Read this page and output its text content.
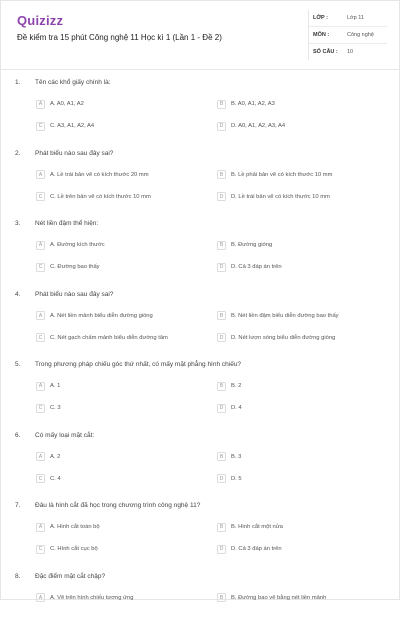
Quizizz
Đề kiểm tra 15 phút Công nghệ 11 Học kì 1 (Lần 1 - Đề 2)
LỚP :	Lớp 11
MÔN :	Công nghệ
SỐ CÂU :	10
1. Tên các khổ giấy chính là:
A	A. A0, A1, A2	B	B. A0, A1, A2, A3
C	C. A3, A1, A2, A4	D	D. A0, A1, A2, A3, A4
2. Phát biểu nào sau đây sai?
A	A. Lề trái bản vẽ có kích thước 20 mm	B	B. Lề phải bản vẽ có kích thước 10 mm
C	C. Lề trên bản vẽ có kích thước 10 mm	D	D. Lề trái bản vẽ có kích thước 10 mm
3. Nét liền đậm thể hiện:
A	A. Đường kích thước	B	B. Đường gióng
C	C. Đường bao thấy	D	D. Cả 3 đáp án trên
4. Phát biểu nào sau đây sai?
A	A. Nét liền mảnh biểu diễn đường gióng	B	B. Nét liền đậm biểu diễn đường bao thấy
C	C. Nét gạch chấm mảnh biểu diễn đường tâm	D	D. Nét lượn sóng biểu diễn đường gióng
5. Trong phương pháp chiếu góc thứ nhất, có mấy mặt phẳng hình chiếu?
A	A. 1	B	B. 2
C	C. 3	D	D. 4
6. Có mấy loại mặt cắt:
A	A. 2	B	B. 3
C	C. 4	D	D. 5
7. Đâu là hình cắt đã học trong chương trình công nghệ 11?
A	A. Hình cắt toàn bộ	B	B. Hình cắt một nửa
C	C. Hình cắt cục bộ	D	D. Cả 3 đáp án trên
8. Đặc điểm mặt cắt chập?
A	A. Vẽ trên hình chiếu tương ứng	B	B. Đường bao vẽ bằng nét liền mảnh
